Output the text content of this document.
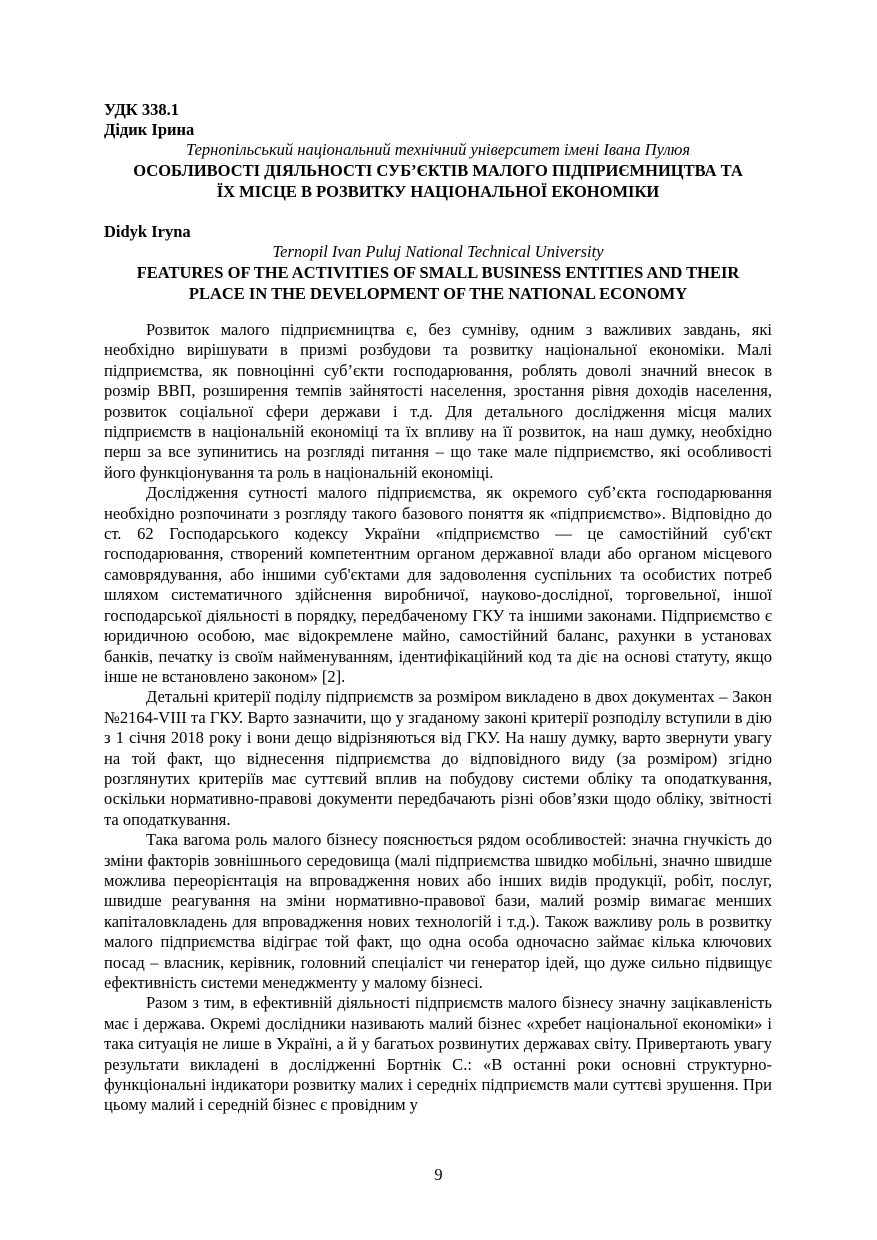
УДК 338.1
Дідик Ірина
Тернопільський національний технічний університет імені Івана Пулюя
ОСОБЛИВОСТІ ДІЯЛЬНОСТІ СУБ’ЄКТІВ МАЛОГО ПІДПРИЄМНИЦТВА ТА
ЇХ МІСЦЕ В РОЗВИТКУ НАЦІОНАЛЬНОЇ ЕКОНОМІКИ
Didyk Iryna
Ternopil Ivan Puluj National Technical University
FEATURES OF THE ACTIVITIES OF SMALL BUSINESS ENTITIES AND THEIR
PLACE IN THE DEVELOPMENT OF THE NATIONAL ECONOMY

Розвиток малого підприємництва є, без сумніву, одним з важливих завдань, які необхідно вирішувати в призмі розбудови та розвитку національної економіки. Малі підприємства, як повноцінні суб’єкти господарювання, роблять доволі значний внесок в розмір ВВП, розширення темпів зайнятості населення, зростання рівня доходів населення, розвиток соціальної сфери держави і т.д. Для детального дослідження місця малих підприємств в національній економіці та їх впливу на її розвиток, на наш думку, необхідно перш за все зупинитись на розгляді питання – що таке мале підприємство, які особливості його функціонування та роль в національній економіці.

Дослідження сутності малого підприємства, як окремого суб’єкта господарювання необхідно розпочинати з розгляду такого базового поняття як «підприємство». Відповідно до ст. 62 Господарського кодексу України «підприємство — це самостійний суб'єкт господарювання, створений компетентним органом державної влади або органом місцевого самоврядування, або іншими суб'єктами для задоволення суспільних та особистих потреб шляхом систематичного здійснення виробничої, науково-дослідної, торговельної, іншої господарської діяльності в порядку, передбаченому ГКУ та іншими законами. Підприємство є юридичною особою, має відокремлене майно, самостійний баланс, рахунки в установах банків, печатку із своїм найменуванням, ідентифікаційний код та діє на основі статуту, якщо інше не встановлено законом» [2].

Детальні критерії поділу підприємств за розміром викладено в двох документах – Закон №2164-VIII та ГКУ. Варто зазначити, що у згаданому законі критерії розподілу вступили в дію з 1 січня 2018 року і вони дещо відрізняються від ГКУ. На нашу думку, варто звернути увагу на той факт, що віднесення підприємства до відповідного виду (за розміром) згідно розглянутих критеріїв має суттєвий вплив на побудову системи обліку та оподаткування, оскільки нормативно-правові документи передбачають різні обов’язки щодо обліку, звітності та оподаткування.

Така вагома роль малого бізнесу пояснюється рядом особливостей: значна гнучкість до зміни факторів зовнішнього середовища (малі підприємства швидко мобільні, значно швидше можлива переорієнтація на впровадження нових або інших видів продукції, робіт, послуг, швидше реагування на зміни нормативно-правової бази, малий розмір вимагає менших капіталовкладень для впровадження нових технологій і т.д.). Також важливу роль в розвитку малого підприємства відіграє той факт, що одна особа одночасно займає кілька ключових посад – власник, керівник, головний спеціаліст чи генератор ідей, що дуже сильно підвищує ефективність системи менеджменту у малому бізнесі.

Разом з тим, в ефективній діяльності підприємств малого бізнесу значну зацікавленість має і держава. Окремі дослідники називають малий бізнес «хребет національної економіки» і така ситуація не лише в Україні, а й у багатьох розвинутих державах світу. Привертають увагу результати викладені в дослідженні Бортнік С.: «В останні роки основні структурно-функціональні індикатори розвитку малих і середніх підприємств мали суттєві зрушення. При цьому малий і середній бізнес є провідним у

9
